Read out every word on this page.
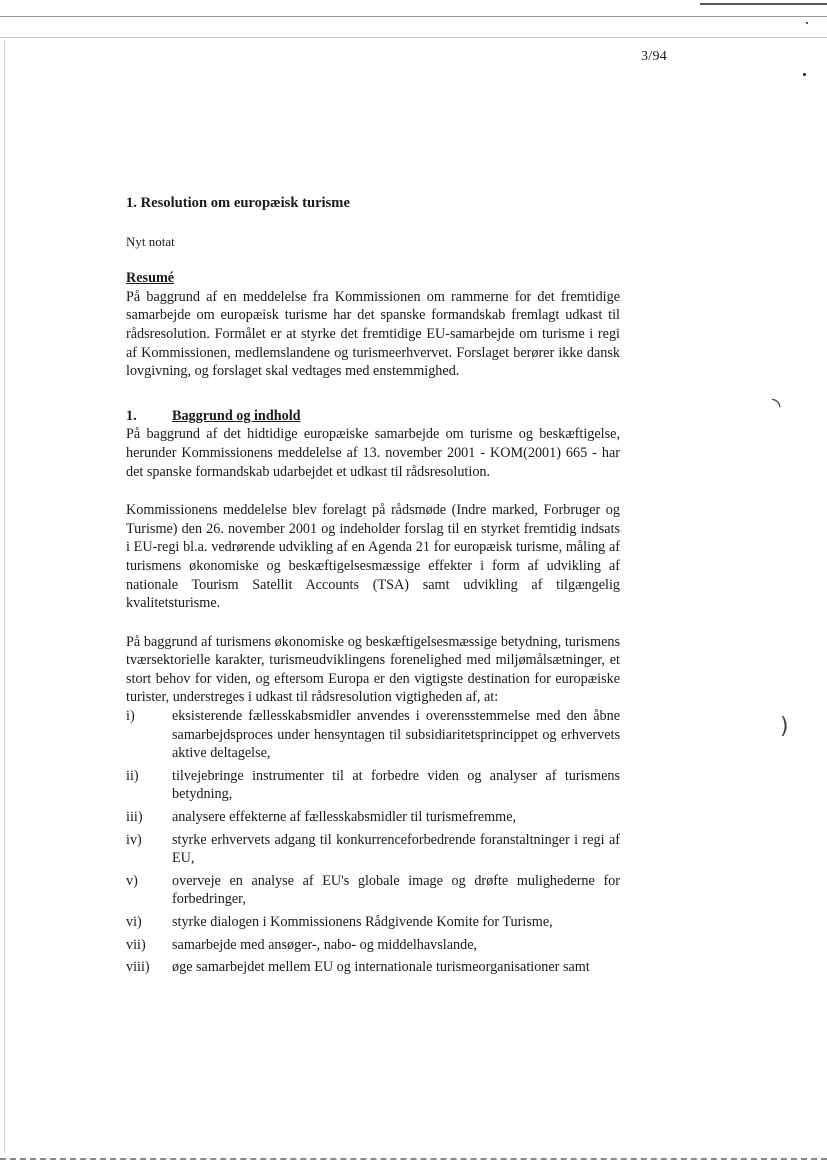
◝
)
3/94
1. Resolution om europæisk turisme
Nyt notat
Resumé

På baggrund af en meddelelse fra Kommissionen om rammerne for det fremtidige samarbejde om europæisk turisme har det spanske formandskab fremlagt udkast til rådsresolution. Formålet er at styrke det fremtidige EU-samarbejde om turisme i regi af Kommissionen, medlemslandene og turismeerhvervet. Forslaget berører ikke dansk lovgivning, og forslaget skal vedtages med enstemmighed.

1. Baggrund og indhold

På baggrund af det hidtidige europæiske samarbejde om turisme og beskæftigelse, herunder Kommissionens meddelelse af 13. november 2001 - KOM(2001) 665 - har det spanske formandskab udarbejdet et udkast til rådsresolution.

Kommissionens meddelelse blev forelagt på rådsmøde (Indre marked, Forbruger og Turisme) den 26. november 2001 og indeholder forslag til en styrket fremtidig indsats i EU-regi bl.a. vedrørende udvikling af en Agenda 21 for europæisk turisme, måling af turismens økonomiske og beskæftigelsesmæssige effekter i form af udvikling af nationale Tourism Satellit Accounts (TSA) samt udvikling af tilgængelig kvalitetsturisme.

På baggrund af turismens økonomiske og beskæftigelsesmæssige betydning, turismens tværsektorielle karakter, turismeudviklingens forenelighed med miljømålsætninger, et stort behov for viden, og eftersom Europa er den vigtigste destination for europæiske turister, understreges i udkast til rådsresolution vigtigheden af, at:

i)	eksisterende fællesskabsmidler anvendes i overensstemmelse med den åbne samarbejdsproces under hensyntagen til subsidiaritetsprincippet og erhvervets aktive deltagelse,
ii)	tilvejebringe instrumenter til at forbedre viden og analyser af turismens betydning,
iii)	analysere effekterne af fællesskabsmidler til turismefremme,
iv)	styrke erhvervets adgang til konkurrenceforbedrende foranstaltninger i regi af EU,
v)	overveje en analyse af EU's globale image og drøfte mulighederne for forbedringer,
vi)	styrke dialogen i Kommissionens Rådgivende Komite for Turisme,
vii)	samarbejde med ansøger-, nabo- og middelhavslande,
viii)	øge samarbejdet mellem EU og internationale turismeorganisationer samt
